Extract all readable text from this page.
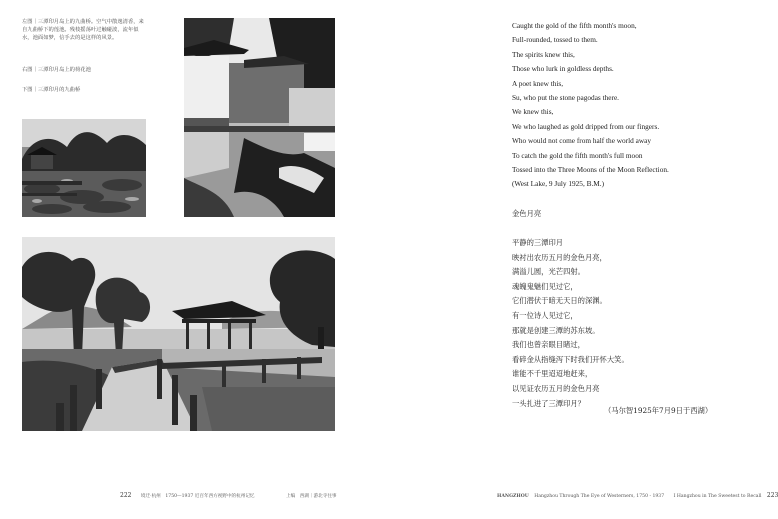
左图｜三潭印月岛上的九曲桥。空气中散逸清香，来自九曲桥下的莲池。残枝摇荡叶过触碰波，流年似水，池面如梦，信手去的是这样的风景。
右图｜三潭印月岛上的荷花池
下图｜三潭印月的九曲桥
222 境迁·杭州　1750—1937 近百年西方视野中的杭州记忆	上编　西湖｜游北寺往事
Caught the gold of the fifth month's moon,
Full-rounded, tossed to them.
The spirits knew this,
Those who lurk in goldless depths.
A poet knew this,
Su, who put the stone pagodas there.
We knew this,
We who laughed as gold dripped from our fingers.
Who would not come from half the world away
To catch the gold the fifth month's full moon
Tossed into the Three Moons of the Moon Reflection.
(West Lake, 9 July 1925, B.M.)
金色月亮
平静的三潭印月
映衬出农历五月的金色月亮，
满溢儿圆，光芒四射。
魂魄鬼魅们见过它，
它们潜伏于暗无天日的深渊。
有一位诗人见过它，
那就是创建三潭的苏东坡。
我们也曾亲眼目睹过，
看碎金从指缝泻下时我们开怀大笑。
谁能不千里迢迢地赶来，
以见证农历五月的金色月亮
一头扎进了三潭印月？
（马尔智1925年7月9日于西湖）
HANGZHOU Hangzhou Through The Eye of Westerners, 1750 - 1937 I Hangzhou in The Sweetest to Recall 223
